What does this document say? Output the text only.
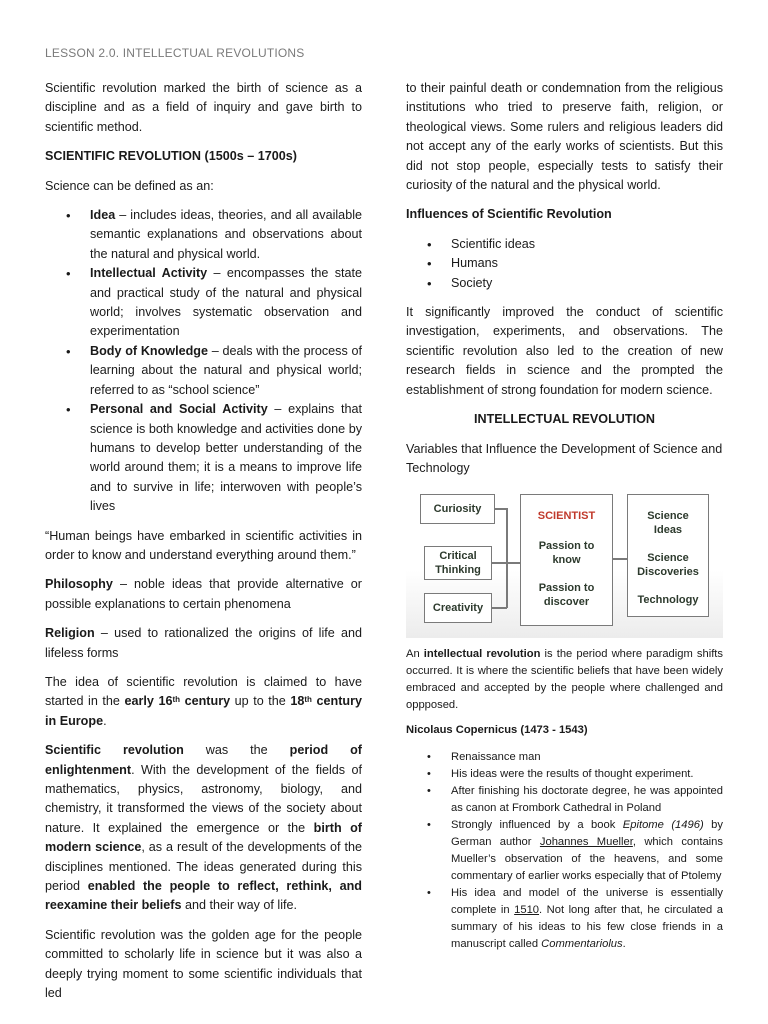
LESSON 2.0. INTELLECTUAL REVOLUTIONS
Scientific revolution marked the birth of science as a discipline and as a field of inquiry and gave birth to scientific method.
SCIENTIFIC REVOLUTION (1500s – 1700s)
Science can be defined as an:
• Idea – includes ideas, theories, and all available semantic explanations and observations about the natural and physical world.
• Intellectual Activity – encompasses the state and practical study of the natural and physical world; involves systematic observation and experimentation
• Body of Knowledge – deals with the process of learning about the natural and physical world; referred to as “school science”
• Personal and Social Activity – explains that science is both knowledge and activities done by humans to develop better understanding of the world around them; it is a means to improve life and to survive in life; interwoven with people’s lives
“Human beings have embarked in scientific activities in order to know and understand everything around them.”
Philosophy – noble ideas that provide alternative or possible explanations to certain phenomena
Religion – used to rationalized the origins of life and lifeless forms
The idea of scientific revolution is claimed to have started in the early 16th century up to the 18th century in Europe.
Scientific revolution was the period of enlightenment. With the development of the fields of mathematics, physics, astronomy, biology, and chemistry, it transformed the views of the society about nature. It explained the emergence or the birth of modern science, as a result of the developments of the disciplines mentioned. The ideas generated during this period enabled the people to reflect, rethink, and reexamine their beliefs and their way of life.
Scientific revolution was the golden age for the people committed to scholarly life in science but it was also a deeply trying moment to some scientific individuals that led
to their painful death or condemnation from the religious institutions who tried to preserve faith, religion, or theological views. Some rulers and religious leaders did not accept any of the early works of scientists. But this did not stop people, especially tests to satisfy their curiosity of the natural and the physical world.
Influences of Scientific Revolution
• Scientific ideas
• Humans
• Society
It significantly improved the conduct of scientific investigation, experiments, and observations. The scientific revolution also led to the creation of new research fields in science and the prompted the establishment of strong foundation for modern science.
INTELLECTUAL REVOLUTION
Variables that Influence the Development of Science and Technology
Curiosity
Critical Thinking
Creativity
SCIENTIST
Passion to know
Passion to discover
Science Ideas
Science Discoveries
Technology
An intellectual revolution is the period where paradigm shifts occurred. It is where the scientific beliefs that have been widely embraced and accepted by the people where challenged and oppposed.
Nicolaus Copernicus (1473 - 1543)
• Renaissance man
• His ideas were the results of thought experiment.
• After finishing his doctorate degree, he was appointed as canon at Frombork Cathedral in Poland
• Strongly influenced by a book Epitome (1496) by German author Johannes Mueller, which contains Mueller’s observation of the heavens, and some commentary of earlier works especially that of Ptolemy
• His idea and model of the universe is essentially complete in 1510. Not long after that, he circulated a summary of his ideas to his few close friends in a manuscript called Commentariolus.
